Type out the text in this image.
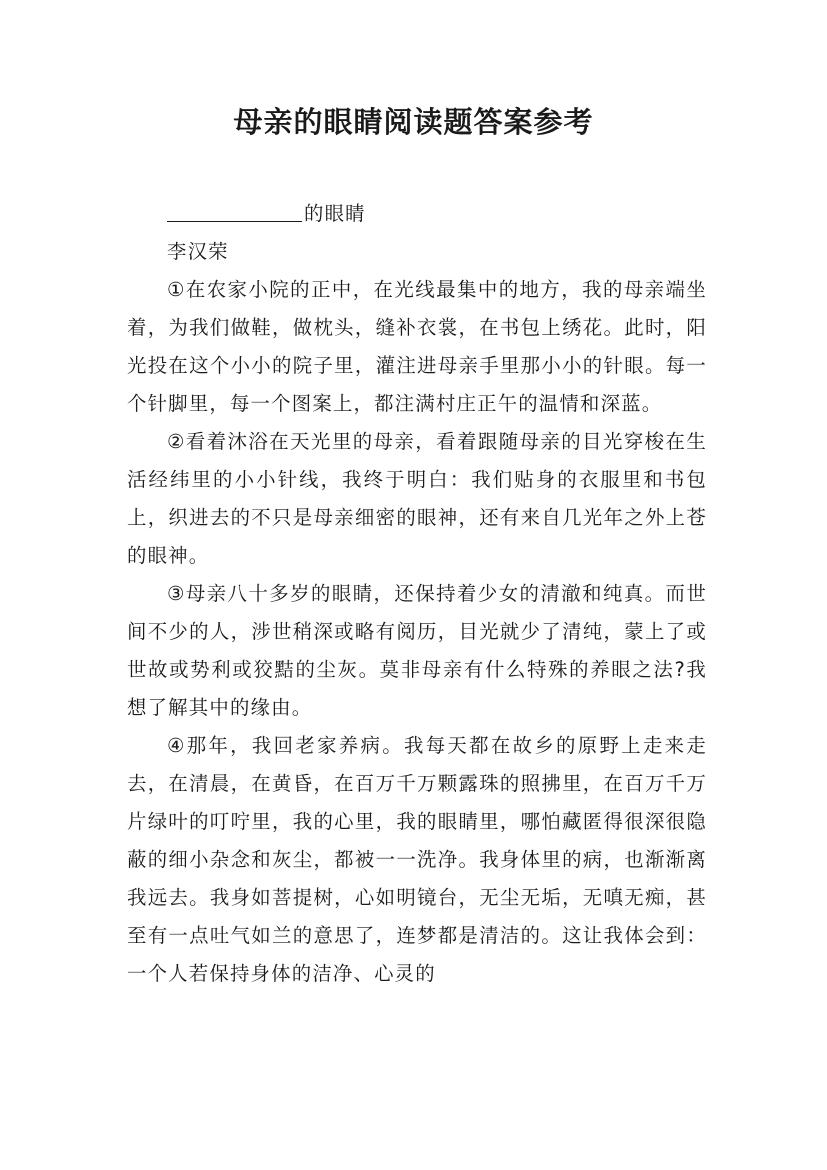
母亲的眼睛阅读题答案参考

的眼睛

李汉荣

①在农家小院的正中，在光线最集中的地方，我的母亲端坐着，为我们做鞋，做枕头，缝补衣裳，在书包上绣花。此时，阳光投在这个小小的院子里，灌注进母亲手里那小小的针眼。每一个针脚里，每一个图案上，都注满村庄正午的温情和深蓝。

②看着沐浴在天光里的母亲，看着跟随母亲的目光穿梭在生活经纬里的小小针线，我终于明白：我们贴身的衣服里和书包上，织进去的不只是母亲细密的眼神，还有来自几光年之外上苍的眼神。

③母亲八十多岁的眼睛，还保持着少女的清澈和纯真。而世间不少的人，涉世稍深或略有阅历，目光就少了清纯，蒙上了或世故或势利或狡黠的尘灰。莫非母亲有什么特殊的养眼之法?我想了解其中的缘由。

④那年，我回老家养病。我每天都在故乡的原野上走来走去，在清晨，在黄昏，在百万千万颗露珠的照拂里，在百万千万片绿叶的叮咛里，我的心里，我的眼睛里，哪怕藏匿得很深很隐蔽的细小杂念和灰尘，都被一一洗净。我身体里的病，也渐渐离我远去。我身如菩提树，心如明镜台，无尘无垢，无嗔无痴，甚至有一点吐气如兰的意思了，连梦都是清洁的。这让我体会到：一个人若保持身体的洁净、心灵的
